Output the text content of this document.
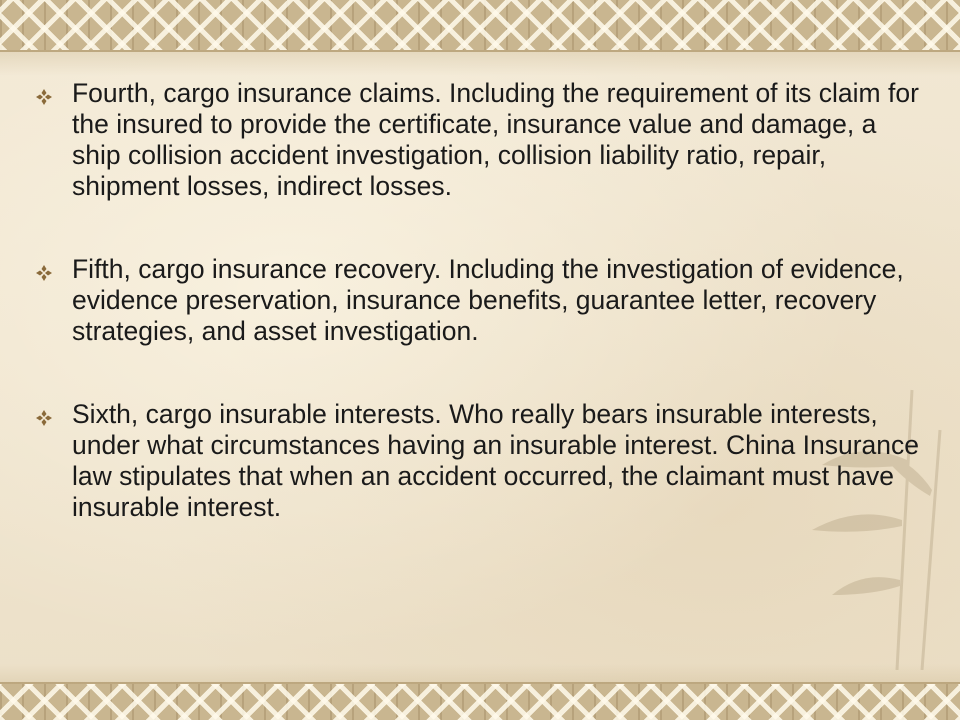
Fourth, cargo insurance claims. Including the requirement of its claim for the insured to provide the certificate, insurance value and damage, a ship collision accident investigation, collision liability ratio, repair, shipment losses, indirect losses.

Fifth, cargo insurance recovery. Including the investigation of evidence, evidence preservation, insurance benefits, guarantee letter, recovery strategies, and asset investigation.

Sixth, cargo insurable interests. Who really bears insurable interests, under what circumstances having an insurable interest. China Insurance law stipulates that when an accident occurred, the claimant must have insurable interest.
